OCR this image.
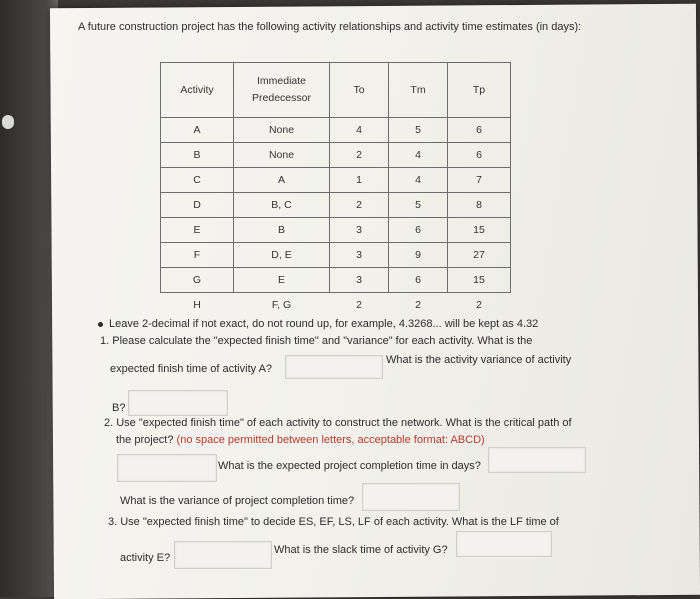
A future construction project has the following activity relationships and activity time estimates (in days):
Activity	Immediate Predecessor	To	Tm	Tp
A	None	4	5	6
B	None	2	4	6
C	A	1	4	7
D	B, C	2	5	8
E	B	3	6	15
F	D, E	3	9	27
G	E	3	6	15
H	F, G	2	2	2
Leave 2-decimal if not exact, do not round up, for example, 4.3268... will be kept as 4.32
1. Please calculate the "expected finish time" and "variance" for each activity. What is the
expected finish time of activity A?
What is the activity variance of activity
B?
2. Use "expected finish time" of each activity to construct the network. What is the critical path of
the project? (no space permitted between letters, acceptable format: ABCD)
What is the expected project completion time in days?
What is the variance of project completion time?
3. Use "expected finish time" to decide ES, EF, LS, LF of each activity. What is the LF time of
activity E?
What is the slack time of activity G?
